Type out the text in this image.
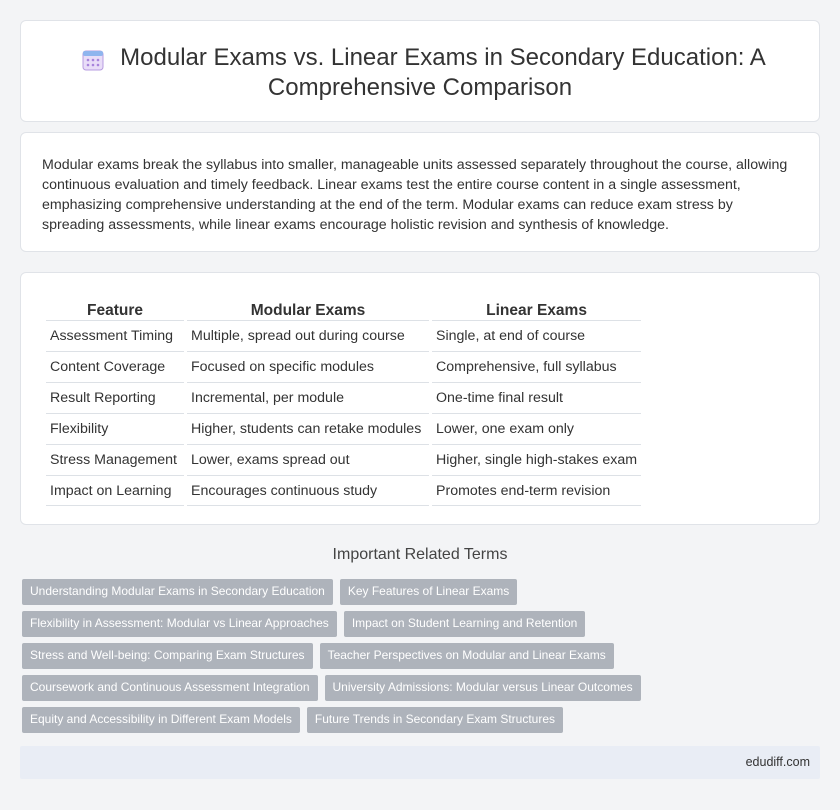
Modular Exams vs. Linear Exams in Secondary Education: A
Comprehensive Comparison

Modular exams break the syllabus into smaller, manageable units assessed separately throughout the course, allowing continuous evaluation and timely feedback. Linear exams test the entire course content in a single assessment, emphasizing comprehensive understanding at the end of the term. Modular exams can reduce exam stress by spreading assessments, while linear exams encourage holistic revision and synthesis of knowledge.

Feature	Modular Exams	Linear Exams
Assessment Timing	Multiple, spread out during course	Single, at end of course
Content Coverage	Focused on specific modules	Comprehensive, full syllabus
Result Reporting	Incremental, per module	One-time final result
Flexibility	Higher, students can retake modules	Lower, one exam only
Stress Management	Lower, exams spread out	Higher, single high-stakes exam
Impact on Learning	Encourages continuous study	Promotes end-term revision
Important Related Terms
Understanding Modular Exams in Secondary Education	Key Features of Linear Exams
Flexibility in Assessment: Modular vs Linear Approaches	Impact on Student Learning and Retention
Stress and Well-being: Comparing Exam Structures	Teacher Perspectives on Modular and Linear Exams
Coursework and Continuous Assessment Integration	University Admissions: Modular versus Linear Outcomes
Equity and Accessibility in Different Exam Models	Future Trends in Secondary Exam Structures
edudiff.com
